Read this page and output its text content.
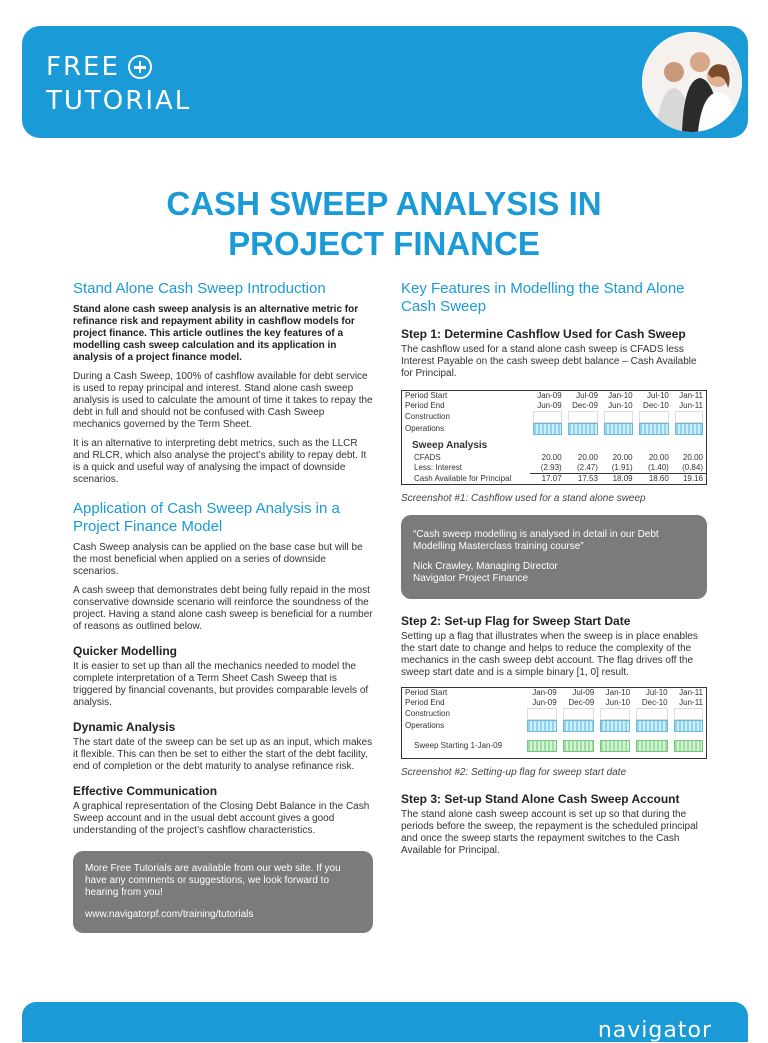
FREE
TUTORIAL
CASH SWEEP ANALYSIS IN
PROJECT FINANCE
Stand Alone Cash Sweep Introduction

Stand alone cash sweep analysis is an alternative metric for refinance risk and repayment ability in cashflow models for project finance. This article outlines the key features of a modelling cash sweep calculation and its application in analysis of a project finance model.

During a Cash Sweep, 100% of cashflow available for debt service is used to repay principal and interest. Stand alone cash sweep analysis is used to calculate the amount of time it takes to repay the debt in full and should not be confused with Cash Sweep mechanics governed by the Term Sheet.

It is an alternative to interpreting debt metrics, such as the LLCR and RLCR, which also analyse the project’s ability to repay debt. It is a quick and useful way of analysing the impact of downside scenarios.

Application of Cash Sweep Analysis in a Project Finance Model

Cash Sweep analysis can be applied on the base case but will be the most beneficial when applied on a series of downside scenarios.

A cash sweep that demonstrates debt being fully repaid in the most conservative downside scenario will reinforce the soundness of the project. Having a stand alone cash sweep is beneficial for a number of reasons as outlined below.

Quicker Modelling

It is easier to set up than all the mechanics needed to model the complete interpretation of a Term Sheet Cash Sweep that is triggered by financial covenants, but provides comparable levels of analysis.

Dynamic Analysis

The start date of the sweep can be set up as an input, which makes it flexible. This can then be set to either the start of the debt facility, end of completion or the debt maturity to analyse refinance risk.

Effective Communication

A graphical representation of the Closing Debt Balance in the Cash Sweep account and in the usual debt account gives a good understanding of the project’s cashflow characteristics.

More Free Tutorials are available from our web site. If you have any comments or suggestions, we look forward to hearing from you!

www.navigatorpf.com/training/tutorials
Key Features in Modelling the Stand Alone Cash Sweep
Step 1: Determine Cashflow Used for Cash Sweep

The cashflow used for a stand alone cash sweep is CFADS less Interest Payable on the cash sweep debt balance – Cash Available for Principal.

Period Start	Jan-09	Jul-09	Jan-10	Jul-10	Jan-11
Period End	Jun-09	Dec-09	Jun-10	Dec-10	Jun-11
Construction	

Operations	

Sweep Analysis					
CFADS	20.00	20.00	20.00	20.00	20.00
Less: Interest	(2.93)	(2.47)	(1.91)	(1.40)	(0.84)
Cash Available for Principal	17.07	17.53	18.09	18.60	19.16

Screenshot #1: Cashflow used for a stand alone sweep

“Cash sweep modelling is analysed in detail in our Debt Modelling Masterclass training course”

Nick Crawley, Managing Director
Navigator Project Finance
Step 2: Set-up Flag for Sweep Start Date

Setting up a flag that illustrates when the sweep is in place enables the start date to change and helps to reduce the complexity of the mechanics in the cash sweep debt account. The flag drives off the sweep start date and is a simple binary [1, 0] result.

Period Start	Jan-09	Jul-09	Jan-10	Jul-10	Jan-11
Period End	Jun-09	Dec-09	Jun-10	Dec-10	Jun-11
Construction	

Operations	

Sweep Starting 1-Jan-09	

Screenshot #2: Setting-up flag for sweep start date

Step 3: Set-up Stand Alone Cash Sweep Account

The stand alone cash sweep account is set up so that during the periods before the sweep, the repayment is the scheduled principal and once the sweep starts the repayment switches to the Cash Available for Principal.

navigator
